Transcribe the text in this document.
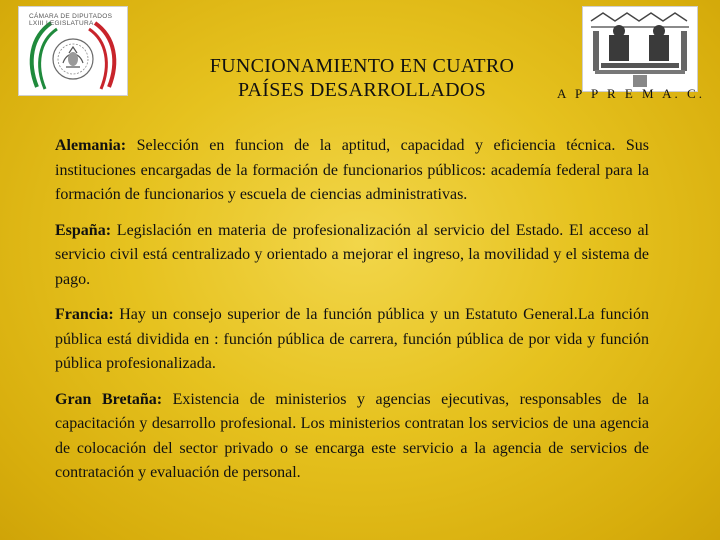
CÁMARA DE DIPUTADOS LXIII LEGISLATURA
FUNCIONAMIENTO EN CUATRO
PAÍSES DESARROLLADOS	A P P R E M A. C.

Alemania: Selección en funcion de la aptitud, capacidad y eficiencia técnica. Sus instituciones encargadas de la formación de funcionarios públicos: academía federal para la formación de funcionarios y escuela de ciencias administrativas.

España: Legislación en materia de profesionalización al servicio del Estado. El acceso al servicio civil está centralizado y orientado a mejorar el ingreso, la movilidad y el sistema de pago.

Francia: Hay un consejo superior de la función pública y un Estatuto General.La función pública está dividida en : función pública de carrera, función pública de por vida y función pública profesionalizada.

Gran Bretaña: Existencia de ministerios y agencias ejecutivas, responsables de la capacitación y desarrollo profesional. Los ministerios contratan los servicios de una agencia de colocación del sector privado o se encarga este servicio a la agencia de servicios de contratación y evaluación de personal.
